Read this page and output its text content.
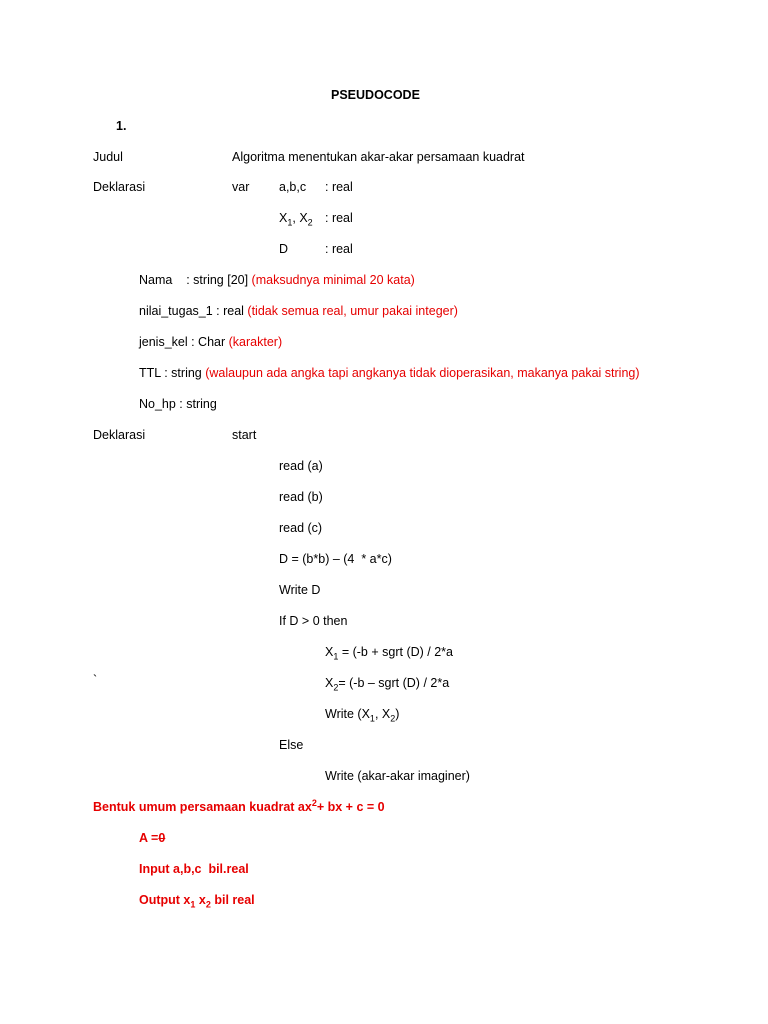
PSEUDOCODE
1.
Judul	Algoritma menentukan akar-akar persamaan kuadrat
Deklarasi	var a,b,c : real
$X_1$, $X_2$ : real
D	: real
Nama    : string [20] (maksudnya minimal 20 kata)
nilai_tugas_1 : real (tidak semua real, umur pakai integer)
jenis_kel : Char (karakter)
TTL : string (walaupun ada angka tapi angkanya tidak dioperasikan, makanya pakai string)
No_hp : string
Deklarasi	start
read (a)
read (b)
read (c)
D = (b*b) – (4  * a*c)
Write D
If D > 0 then
$X_1 = (-b$ + sgrt (D) / 2*a
`	$X_2= (-b$ – sgrt (D) / 2*a
Write ($X_1$, $X_2$)
Else
Write (akar-akar imaginer)
Bentuk umum persamaan kuadrat $ax^2+$ bx + c = 0
A =0
Input a,b,c  bil.real
Output $x_1$ $x_2$ bil real
